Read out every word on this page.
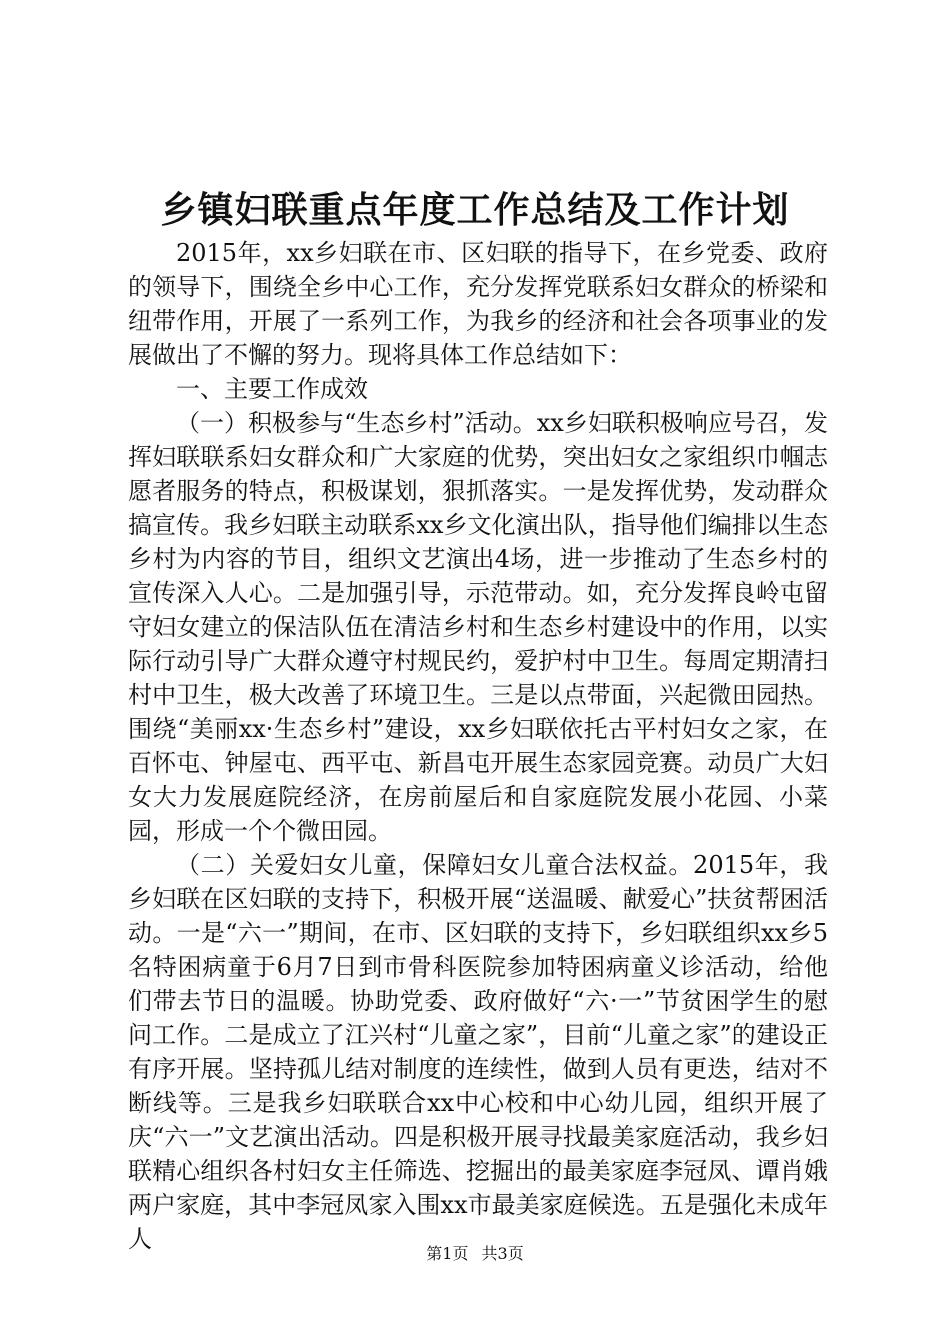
乡镇妇联重点年度工作总结及工作计划

2015年，xx乡妇联在市、区妇联的指导下，在乡党委、政府的领导下，围绕全乡中心工作，充分发挥党联系妇女群众的桥梁和纽带作用，开展了一系列工作，为我乡的经济和社会各项事业的发展做出了不懈的努力。现将具体工作总结如下：

一、主要工作成效

（一）积极参与“生态乡村”活动。xx乡妇联积极响应号召，发挥妇联联系妇女群众和广大家庭的优势，突出妇女之家组织巾帼志愿者服务的特点，积极谋划，狠抓落实。一是发挥优势，发动群众搞宣传。我乡妇联主动联系xx乡文化演出队，指导他们编排以生态乡村为内容的节目，组织文艺演出4场，进一步推动了生态乡村的宣传深入人心。二是加强引导，示范带动。如，充分发挥良岭屯留守妇女建立的保洁队伍在清洁乡村和生态乡村建设中的作用，以实际行动引导广大群众遵守村规民约，爱护村中卫生。每周定期清扫村中卫生，极大改善了环境卫生。三是以点带面，兴起微田园热。围绕“美丽xx·生态乡村”建设，xx乡妇联依托古平村妇女之家，在百怀屯、钟屋屯、西平屯、新昌屯开展生态家园竞赛。动员广大妇女大力发展庭院经济，在房前屋后和自家庭院发展小花园、小菜园，形成一个个微田园。

（二）关爱妇女儿童，保障妇女儿童合法权益。2015年，我乡妇联在区妇联的支持下，积极开展“送温暖、献爱心”扶贫帮困活动。一是“六一”期间，在市、区妇联的支持下，乡妇联组织xx乡5名特困病童于6月7日到市骨科医院参加特困病童义诊活动，给他们带去节日的温暖。协助党委、政府做好“六·一”节贫困学生的慰问工作。二是成立了江兴村“儿童之家”，目前“儿童之家”的建设正有序开展。坚持孤儿结对制度的连续性，做到人员有更迭，结对不断线等。三是我乡妇联联合xx中心校和中心幼儿园，组织开展了庆“六一”文艺演出活动。四是积极开展寻找最美家庭活动，我乡妇联精心组织各村妇女主任筛选、挖掘出的最美家庭李冠凤、谭肖娥两户家庭，其中李冠凤家入围xx市最美家庭候选。五是强化未成年人

第1页 共3页
